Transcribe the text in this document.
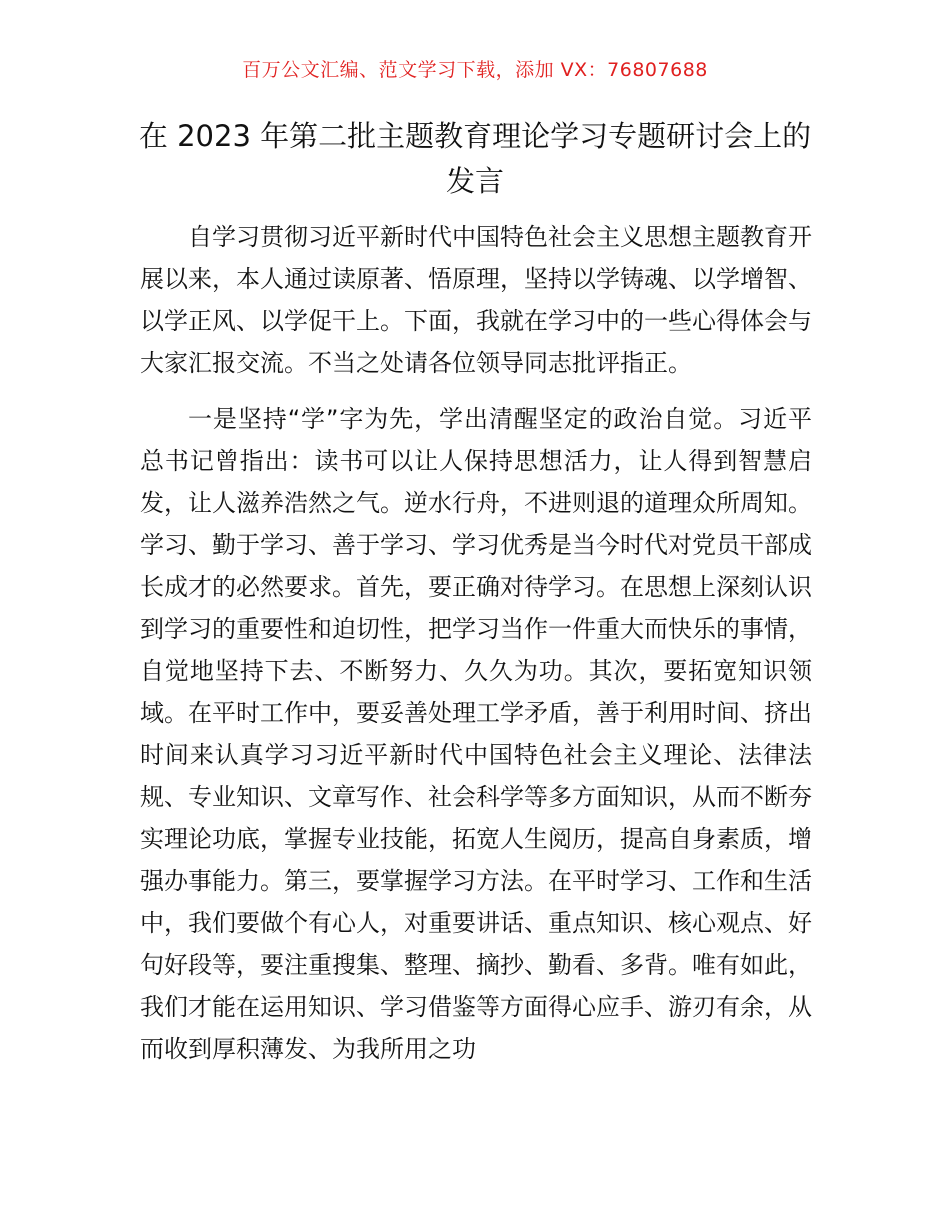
百万公文汇编、范文学习下载，添加 VX：76807688
在 2023 年第二批主题教育理论学习专题研讨会上的发言

自学习贯彻习近平新时代中国特色社会主义思想主题教育开展以来，本人通过读原著、悟原理，坚持以学铸魂、以学增智、以学正风、以学促干上。下面，我就在学习中的一些心得体会与大家汇报交流。不当之处请各位领导同志批评指正。

一是坚持“学”字为先，学出清醒坚定的政治自觉。习近平总书记曾指出：读书可以让人保持思想活力，让人得到智慧启发，让人滋养浩然之气。逆水行舟，不进则退的道理众所周知。学习、勤于学习、善于学习、学习优秀是当今时代对党员干部成长成才的必然要求。首先，要正确对待学习。在思想上深刻认识到学习的重要性和迫切性，把学习当作一件重大而快乐的事情，自觉地坚持下去、不断努力、久久为功。其次，要拓宽知识领域。在平时工作中，要妥善处理工学矛盾，善于利用时间、挤出时间来认真学习习近平新时代中国特色社会主义理论、法律法规、专业知识、文章写作、社会科学等多方面知识，从而不断夯实理论功底，掌握专业技能，拓宽人生阅历，提高自身素质，增强办事能力。第三，要掌握学习方法。在平时学习、工作和生活中，我们要做个有心人，对重要讲话、重点知识、核心观点、好句好段等，要注重搜集、整理、摘抄、勤看、多背。唯有如此，我们才能在运用知识、学习借鉴等方面得心应手、游刃有余，从而收到厚积薄发、为我所用之功
